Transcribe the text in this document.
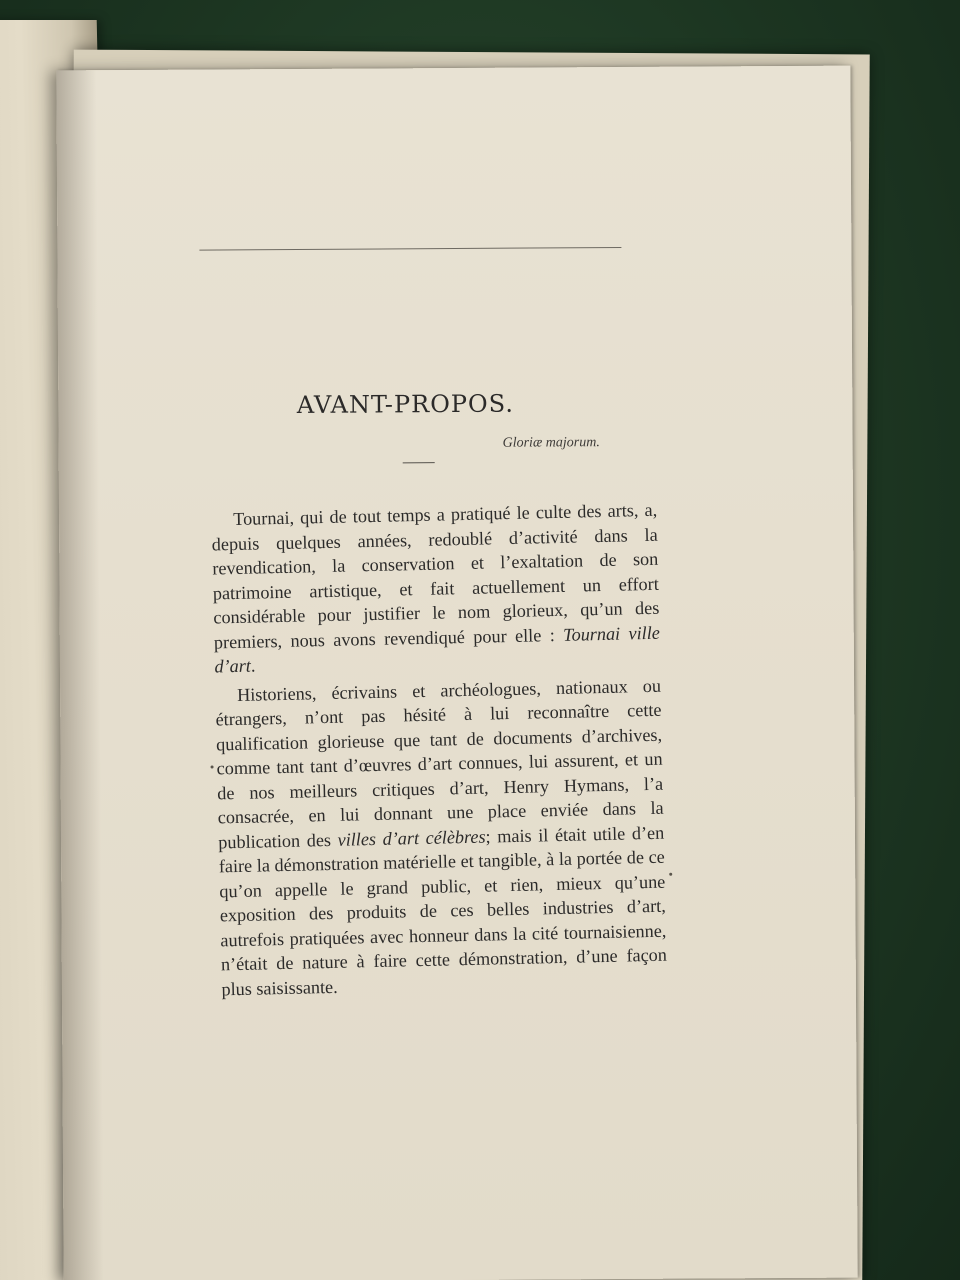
AVANT-PROPOS.
Gloriæ majorum.

Tournai, qui de tout temps a pratiqué le culte des arts, a, depuis quelques années, redoublé d’activité dans la revendication, la conservation et l’exaltation de son patrimoine artistique, et fait actuellement un effort considérable pour justifier le nom glorieux, qu’un des premiers, nous avons revendiqué pour elle : Tournai ville d’art.

Historiens, écrivains et archéologues, nationaux ou étrangers, n’ont pas hésité à lui reconnaître cette qualification glorieuse que tant de documents d’archives, comme tant tant d’œuvres d’art connues, lui assurent, et un de nos meilleurs critiques d’art, Henry Hymans, l’a consacrée, en lui donnant une place enviée dans la publication des villes d’art célèbres; mais il était utile d’en faire la démonstration matérielle et tangible, à la portée de ce qu’on appelle le grand public, et rien, mieux qu’une exposition des produits de ces belles industries d’art, autrefois pratiquées avec honneur dans la cité tournaisienne, n’était de nature à faire cette démonstration, d’une façon plus saisissante.
